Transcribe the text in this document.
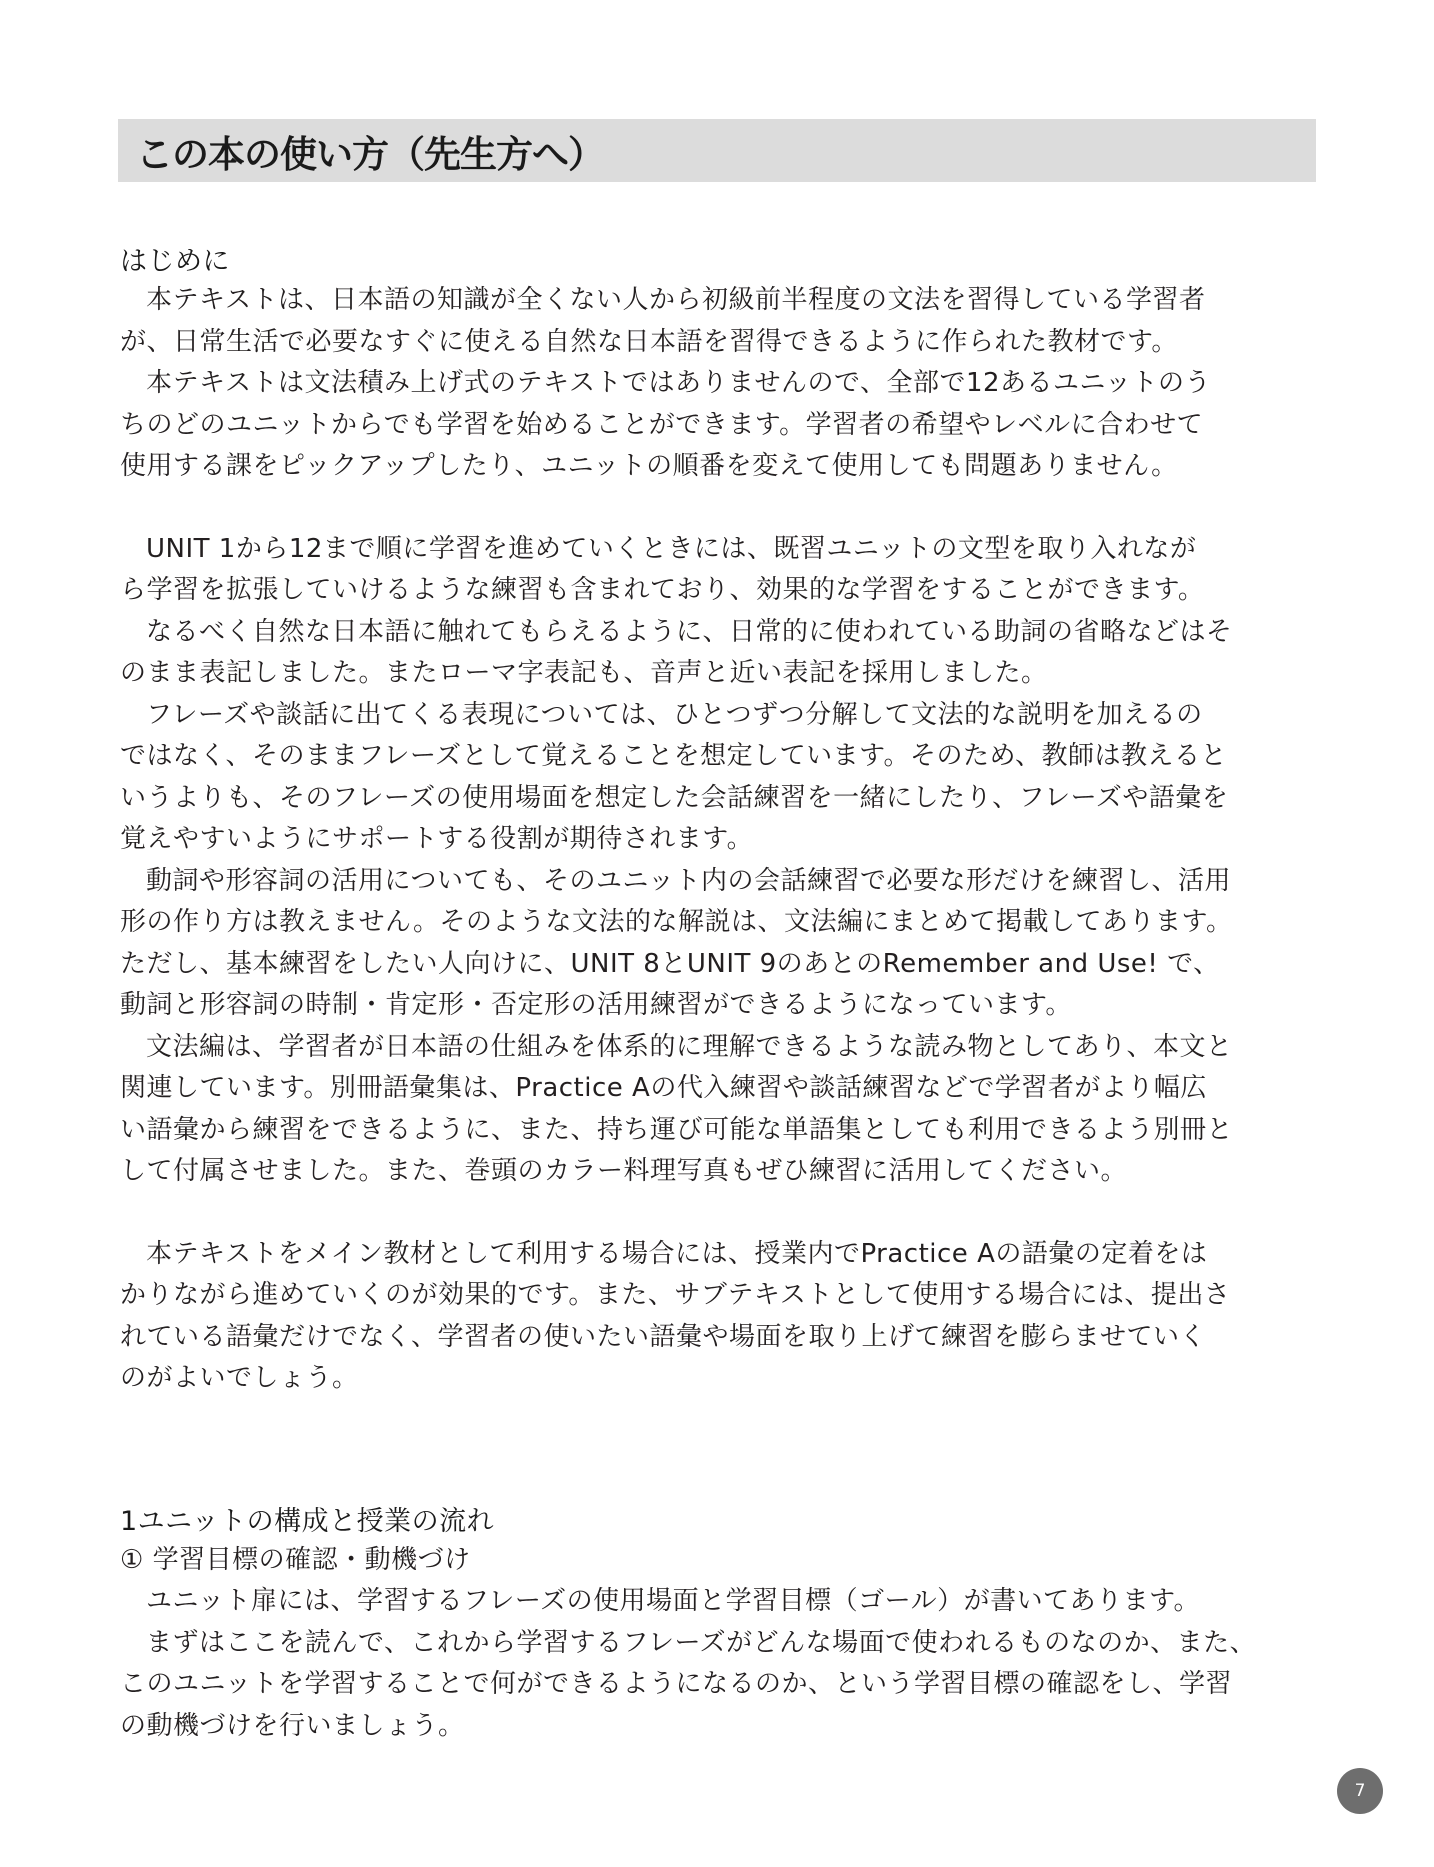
この本の使い方（先生方へ）
はじめに
本テキストは、日本語の知識が全くない人から初級前半程度の文法を習得している学習者
が、日常生活で必要なすぐに使える自然な日本語を習得できるように作られた教材です。
本テキストは文法積み上げ式のテキストではありませんので、全部で12あるユニットのう
ちのどのユニットからでも学習を始めることができます。学習者の希望やレベルに合わせて
使用する課をピックアップしたり、ユニットの順番を変えて使用しても問題ありません。
UNIT 1から12まで順に学習を進めていくときには、既習ユニットの文型を取り入れなが
ら学習を拡張していけるような練習も含まれており、効果的な学習をすることができます。
なるべく自然な日本語に触れてもらえるように、日常的に使われている助詞の省略などはそ
のまま表記しました。またローマ字表記も、音声と近い表記を採用しました。
フレーズや談話に出てくる表現については、ひとつずつ分解して文法的な説明を加えるの
ではなく、そのままフレーズとして覚えることを想定しています。そのため、教師は教えると
いうよりも、そのフレーズの使用場面を想定した会話練習を一緒にしたり、フレーズや語彙を
覚えやすいようにサポートする役割が期待されます。
動詞や形容詞の活用についても、そのユニット内の会話練習で必要な形だけを練習し、活用
形の作り方は教えません。そのような文法的な解説は、文法編にまとめて掲載してあります。
ただし、基本練習をしたい人向けに、UNIT 8とUNIT 9のあとのRemember and Use! で、
動詞と形容詞の時制・肯定形・否定形の活用練習ができるようになっています。
文法編は、学習者が日本語の仕組みを体系的に理解できるような読み物としてあり、本文と
関連しています。別冊語彙集は、Practice Aの代入練習や談話練習などで学習者がより幅広
い語彙から練習をできるように、また、持ち運び可能な単語集としても利用できるよう別冊と
して付属させました。また、巻頭のカラー料理写真もぜひ練習に活用してください。
本テキストをメイン教材として利用する場合には、授業内でPractice Aの語彙の定着をは
かりながら進めていくのが効果的です。また、サブテキストとして使用する場合には、提出さ
れている語彙だけでなく、学習者の使いたい語彙や場面を取り上げて練習を膨らませていく
のがよいでしょう。
1ユニットの構成と授業の流れ
① 学習目標の確認・動機づけ
ユニット扉には、学習するフレーズの使用場面と学習目標（ゴール）が書いてあります。
まずはここを読んで、これから学習するフレーズがどんな場面で使われるものなのか、また、
このユニットを学習することで何ができるようになるのか、という学習目標の確認をし、学習
の動機づけを行いましょう。
7
